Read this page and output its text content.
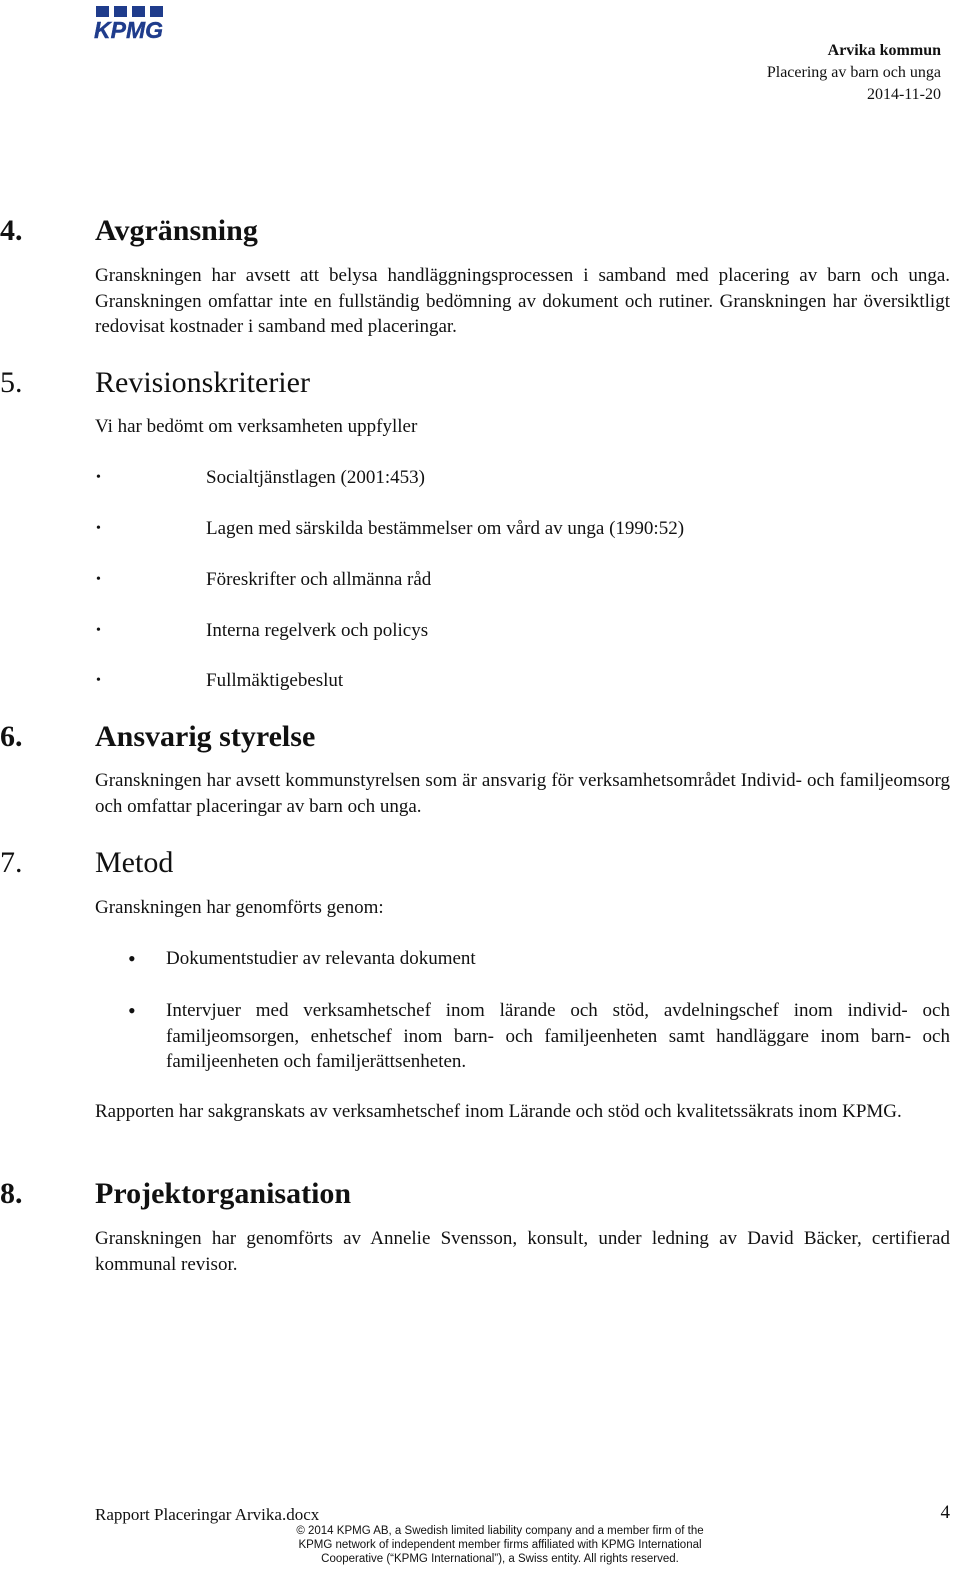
KPMG
Arvika kommun
Placering av barn och unga
2014-11-20
4. Avgränsning

Granskningen har avsett att belysa handläggningsprocessen i samband med placering av barn och unga. Granskningen omfattar inte en fullständig bedömning av dokument och rutiner. Granskningen har översiktligt redovisat kostnader i samband med placeringar.

5. Revisionskriterier
Vi har bedömt om verksamheten uppfyller
•	Socialtjänstlagen (2001:453)
•	Lagen med särskilda bestämmelser om vård av unga (1990:52)
•	Föreskrifter och allmänna råd
•	Interna regelverk och policys
•	Fullmäktigebeslut
6. Ansvarig styrelse

Granskningen har avsett kommunstyrelsen som är ansvarig för verksamhetsområdet Individ- och familjeomsorg och omfattar placeringar av barn och unga.

7. Metod
Granskningen har genomförts genom:
• Dokumentstudier av relevanta dokument
• Intervjuer med verksamhetschef inom lärande och stöd, avdelningschef inom individ- och familjeomsorgen, enhetschef inom barn- och familjeenheten samt handläggare inom barn- och familjeenheten och familjerättsenheten.

Rapporten har sakgranskats av verksamhetschef inom Lärande och stöd och kvalitetssäkrats inom KPMG.

8. Projektorganisation

Granskningen har genomförts av Annelie Svensson, konsult, under ledning av David Bäcker, certifierad kommunal revisor.

Rapport Placeringar Arvika.docx	4
© 2014 KPMG AB, a Swedish limited liability company and a member firm of the KPMG network of independent member firms affiliated with KPMG International Cooperative (“KPMG International”), a Swiss entity. All rights reserved.
